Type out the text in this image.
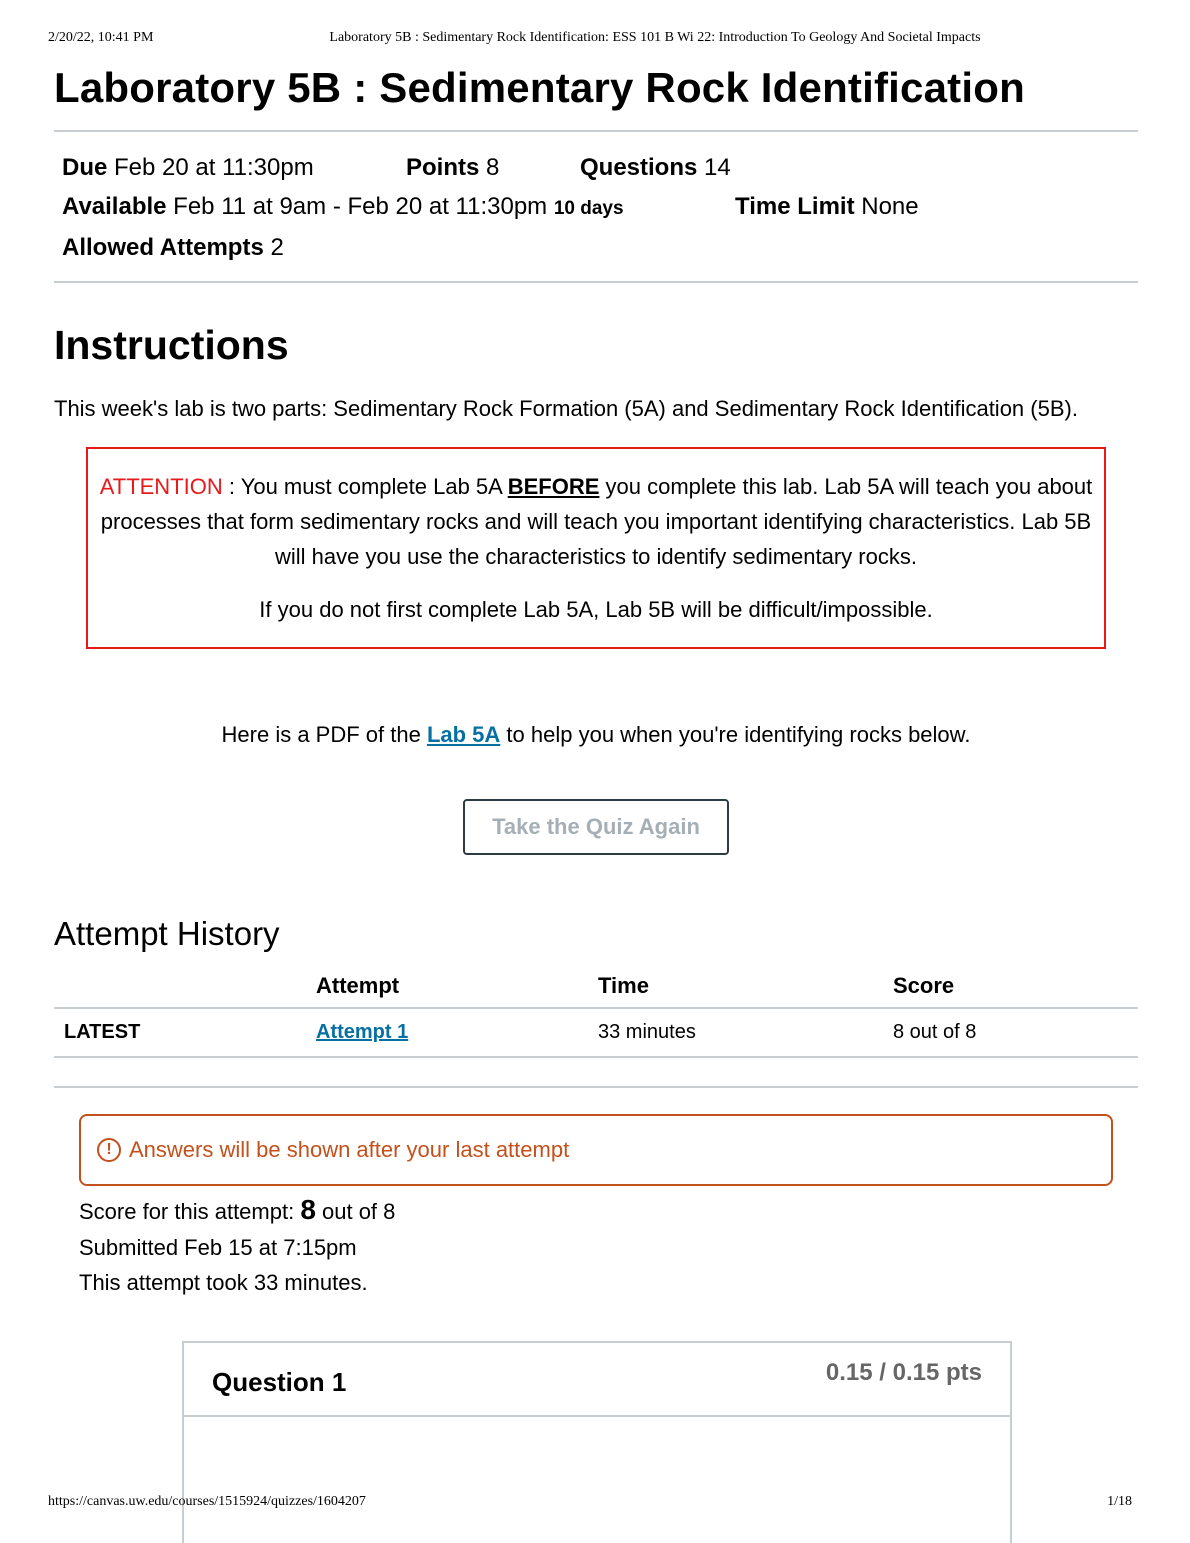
2/20/22, 10:41 PM	Laboratory 5B : Sedimentary Rock Identification: ESS 101 B Wi 22: Introduction To Geology And Societal Impacts
Laboratory 5B : Sedimentary Rock Identification
Due Feb 20 at 11:30pm	Points 8	Questions 14
Available Feb 11 at 9am - Feb 20 at 11:30pm 10 days	Time Limit None
Allowed Attempts 2
Instructions

This week's lab is two parts: Sedimentary Rock Formation (5A) and Sedimentary Rock Identification (5B).

ATTENTION : You must complete Lab 5A BEFORE you complete this lab. Lab 5A will teach you about processes that form sedimentary rocks and will teach you important identifying characteristics. Lab 5B will have you use the characteristics to identify sedimentary rocks.

If you do not first complete Lab 5A, Lab 5B will be difficult/impossible.

Here is a PDF of the Lab 5A to help you when you're identifying rocks below.
Take the Quiz Again
Attempt History
	Attempt	Time	Score
LATEST	Attempt 1	33 minutes	8 out of 8
! Answers will be shown after your last attempt
Score for this attempt: 8 out of 8
Submitted Feb 15 at 7:15pm
This attempt took 33 minutes.
Question 1	0.15 / 0.15 pts
https://canvas.uw.edu/courses/1515924/quizzes/1604207	1/18
